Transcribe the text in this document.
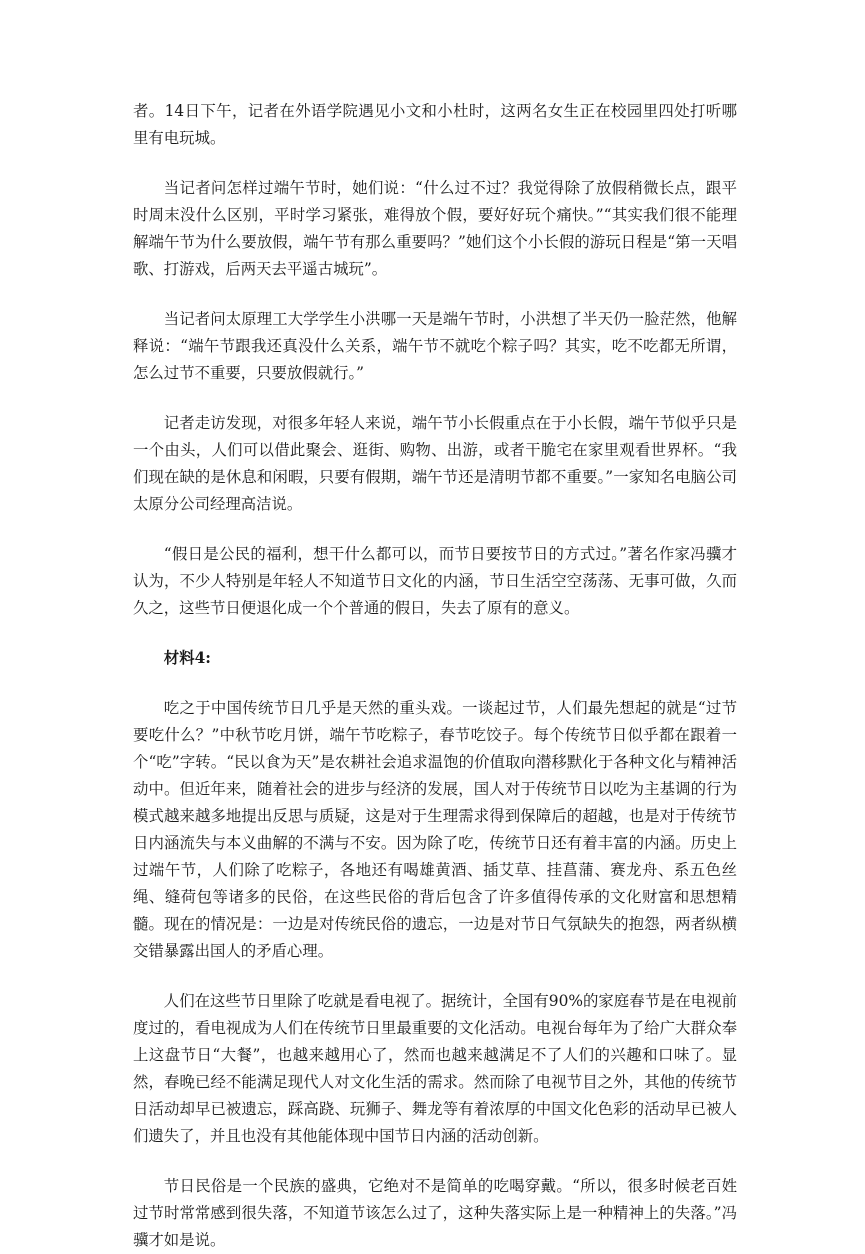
者。14日下午，记者在外语学院遇见小文和小杜时，这两名女生正在校园里四处打听哪里有电玩城。

当记者问怎样过端午节时，她们说：“什么过不过？我觉得除了放假稍微长点，跟平时周末没什么区别，平时学习紧张，难得放个假，要好好玩个痛快。”“其实我们很不能理解端午节为什么要放假，端午节有那么重要吗？”她们这个小长假的游玩日程是“第一天唱歌、打游戏，后两天去平遥古城玩”。

当记者问太原理工大学学生小洪哪一天是端午节时，小洪想了半天仍一脸茫然，他解释说：“端午节跟我还真没什么关系，端午节不就吃个粽子吗？其实，吃不吃都无所谓，怎么过节不重要，只要放假就行。”

记者走访发现，对很多年轻人来说，端午节小长假重点在于小长假，端午节似乎只是一个由头，人们可以借此聚会、逛街、购物、出游，或者干脆宅在家里观看世界杯。“我们现在缺的是休息和闲暇，只要有假期，端午节还是清明节都不重要。”一家知名电脑公司太原分公司经理高洁说。

“假日是公民的福利，想干什么都可以，而节日要按节日的方式过。”著名作家冯骥才认为，不少人特别是年轻人不知道节日文化的内涵，节日生活空空荡荡、无事可做，久而久之，这些节日便退化成一个个普通的假日，失去了原有的意义。

材料4:

吃之于中国传统节日几乎是天然的重头戏。一谈起过节，人们最先想起的就是“过节要吃什么？”中秋节吃月饼，端午节吃粽子，春节吃饺子。每个传统节日似乎都在跟着一个“吃”字转。“民以食为天”是农耕社会追求温饱的价值取向潜移默化于各种文化与精神活动中。但近年来，随着社会的进步与经济的发展，国人对于传统节日以吃为主基调的行为模式越来越多地提出反思与质疑，这是对于生理需求得到保障后的超越，也是对于传统节日内涵流失与本义曲解的不满与不安。因为除了吃，传统节日还有着丰富的内涵。历史上过端午节，人们除了吃粽子，各地还有喝雄黄酒、插艾草、挂菖蒲、赛龙舟、系五色丝绳、缝荷包等诸多的民俗，在这些民俗的背后包含了许多值得传承的文化财富和思想精髓。现在的情况是：一边是对传统民俗的遗忘，一边是对节日气氛缺失的抱怨，两者纵横交错暴露出国人的矛盾心理。

人们在这些节日里除了吃就是看电视了。据统计，全国有90%的家庭春节是在电视前度过的，看电视成为人们在传统节日里最重要的文化活动。电视台每年为了给广大群众奉上这盘节日“大餐”，也越来越用心了，然而也越来越满足不了人们的兴趣和口味了。显然，春晚已经不能满足现代人对文化生活的需求。然而除了电视节目之外，其他的传统节日活动却早已被遗忘，踩高跷、玩狮子、舞龙等有着浓厚的中国文化色彩的活动早已被人们遗失了，并且也没有其他能体现中国节日内涵的活动创新。

节日民俗是一个民族的盛典，它绝对不是简单的吃喝穿戴。“所以，很多时候老百姓过节时常常感到很失落，不知道节该怎么过了，这种失落实际上是一种精神上的失落。”冯骥才如是说。
